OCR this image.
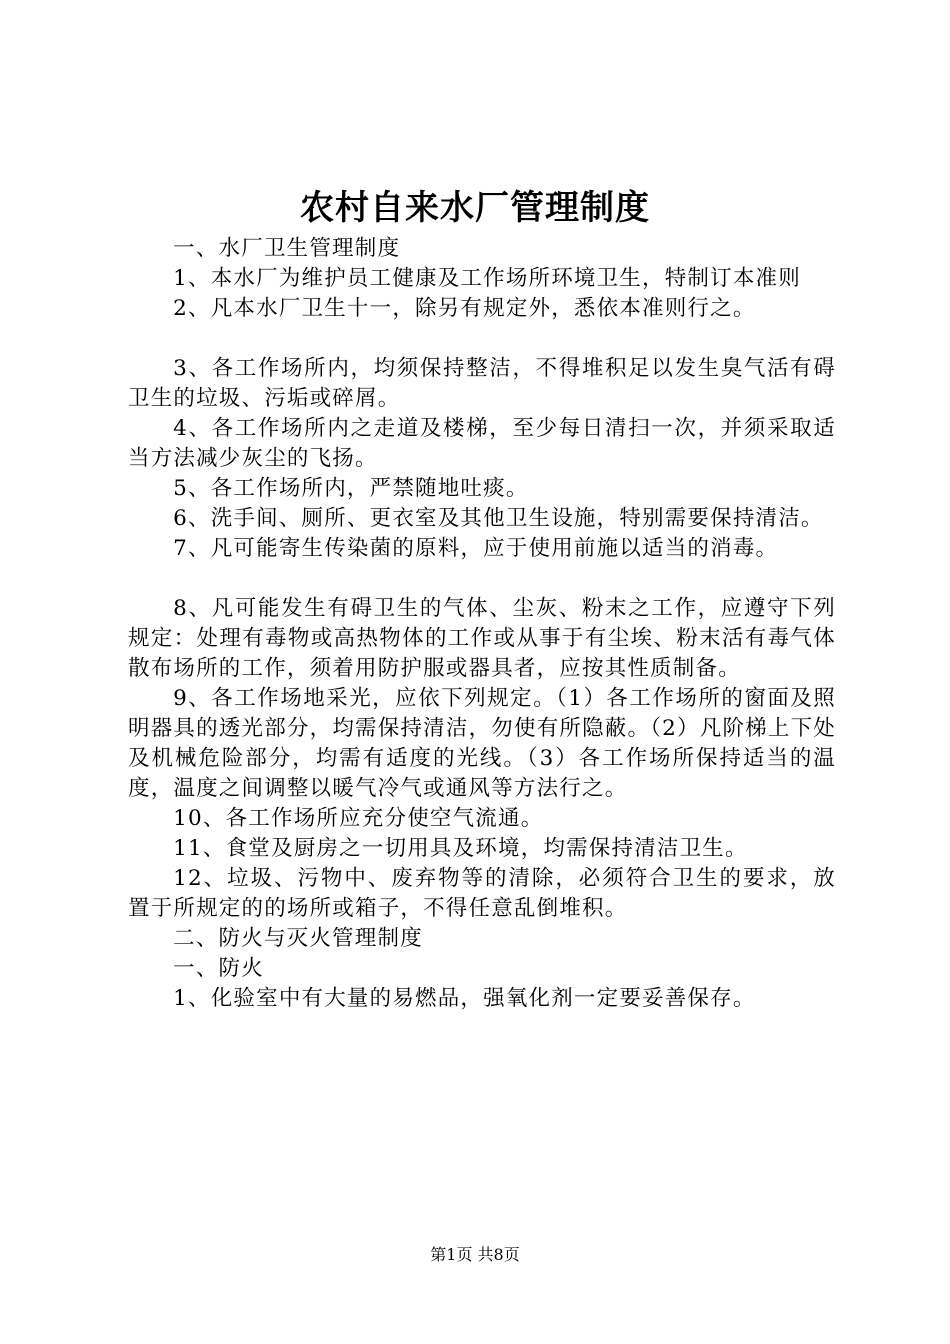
农村自来水厂管理制度

一、水厂卫生管理制度

1、本水厂为维护员工健康及工作场所环境卫生，特制订本准则

2、凡本水厂卫生十一，除另有规定外，悉依本准则行之。

3、各工作场所内，均须保持整洁，不得堆积足以发生臭气活有碍卫生的垃圾、污垢或碎屑。

4、各工作场所内之走道及楼梯，至少每日清扫一次，并须采取适当方法减少灰尘的飞扬。

5、各工作场所内，严禁随地吐痰。

6、洗手间、厕所、更衣室及其他卫生设施，特别需要保持清洁。

7、凡可能寄生传染菌的原料，应于使用前施以适当的消毒。

8、凡可能发生有碍卫生的气体、尘灰、粉末之工作，应遵守下列规定：处理有毒物或高热物体的工作或从事于有尘埃、粉末活有毒气体散布场所的工作，须着用防护服或器具者，应按其性质制备。

9、各工作场地采光，应依下列规定。（1）各工作场所的窗面及照明器具的透光部分，均需保持清洁，勿使有所隐蔽。（2）凡阶梯上下处及机械危险部分，均需有适度的光线。（3）各工作场所保持适当的温度，温度之间调整以暖气冷气或通风等方法行之。

10、各工作场所应充分使空气流通。

11、食堂及厨房之一切用具及环境，均需保持清洁卫生。

12、垃圾、污物中、废弃物等的清除，必须符合卫生的要求，放置于所规定的的场所或箱子，不得任意乱倒堆积。

二、防火与灭火管理制度

一、防火

1、化验室中有大量的易燃品，强氧化剂一定要妥善保存。

第1页 共8页
